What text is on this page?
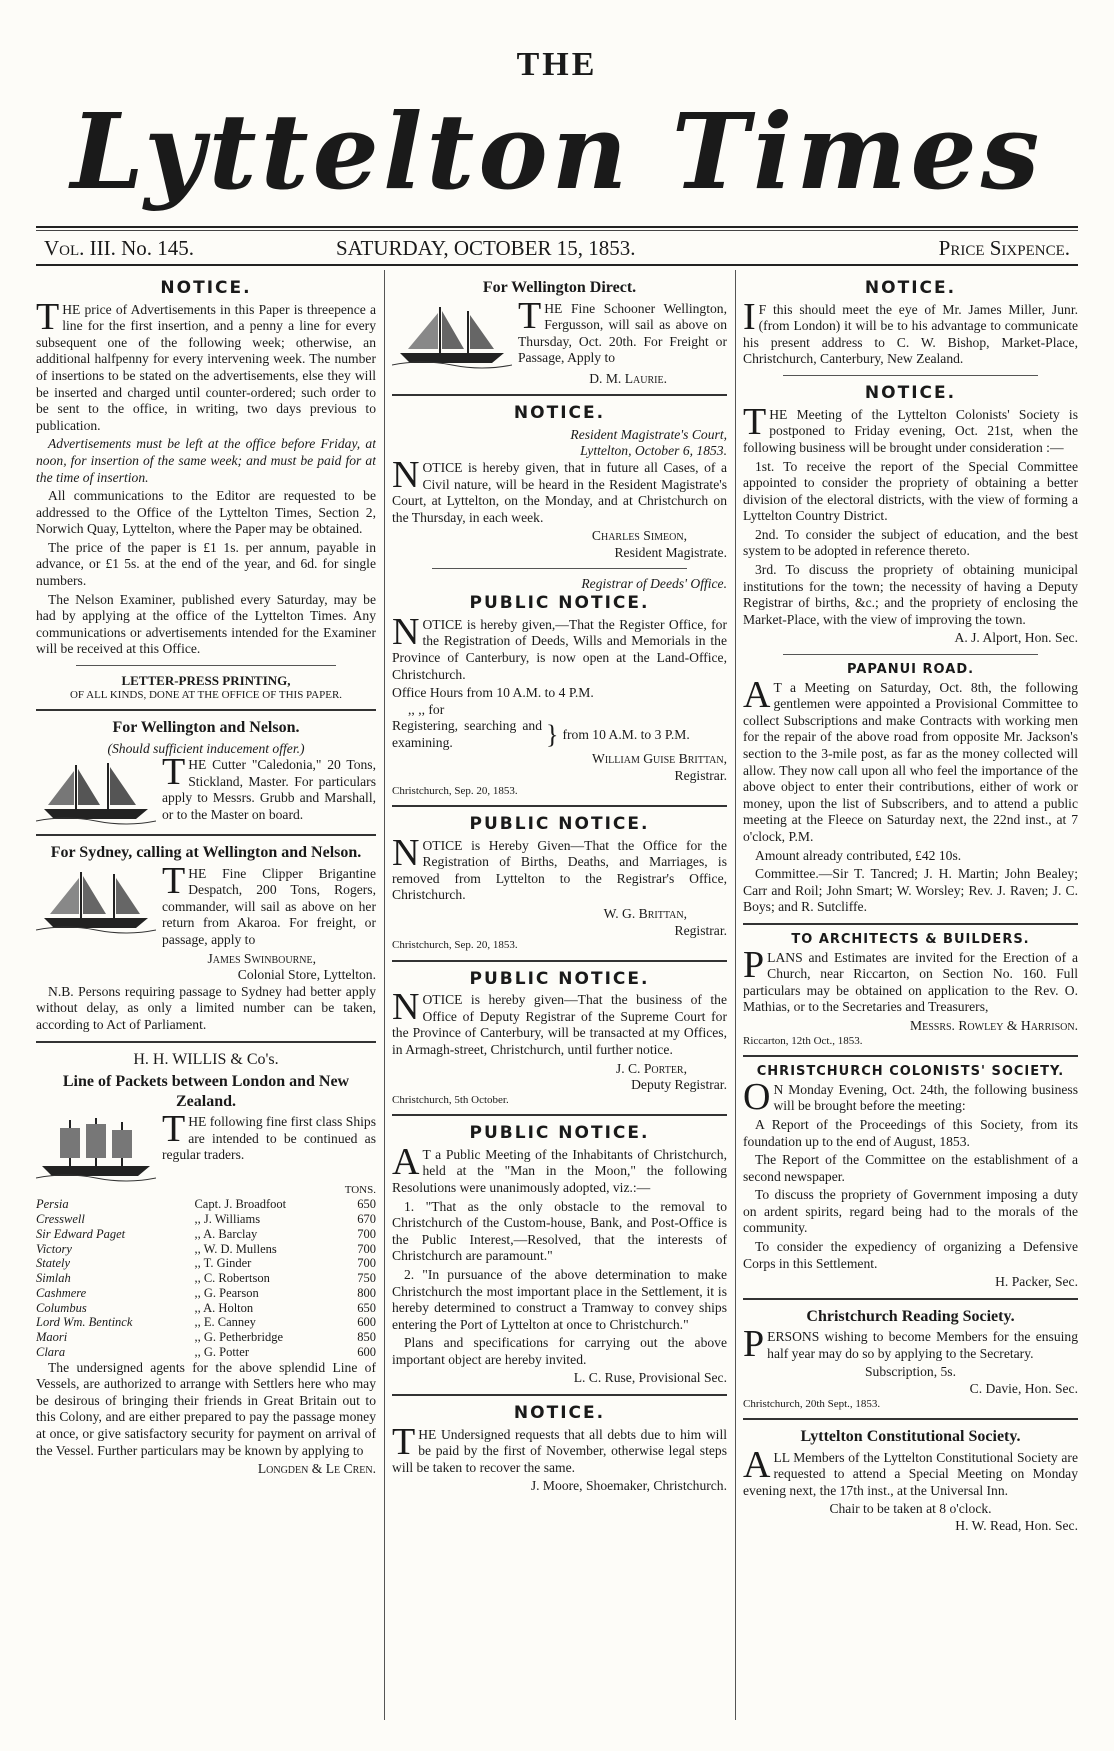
THE
Lyttelton Times
Vol. III. No. 145.	SATURDAY, OCTOBER 15, 1853.	Price Sixpence.
NOTICE.

THE price of Advertisements in this Paper is threepence a line for the first insertion, and a penny a line for every subsequent one of the following week; otherwise, an additional halfpenny for every intervening week. The number of insertions to be stated on the advertisements, else they will be inserted and charged until counter-ordered; such order to be sent to the office, in writing, two days previous to publication.

Advertisements must be left at the office before Friday, at noon, for insertion of the same week; and must be paid for at the time of insertion.

All communications to the Editor are requested to be addressed to the Office of the Lyttelton Times, Section 2, Norwich Quay, Lyttelton, where the Paper may be obtained.

The price of the paper is £1 1s. per annum, payable in advance, or £1 5s. at the end of the year, and 6d. for single numbers.

The Nelson Examiner, published every Saturday, may be had by applying at the office of the Lyttelton Times. Any communications or advertisements intended for the Examiner will be received at this Office.

LETTER-PRESS PRINTING,
OF ALL KINDS, DONE AT THE OFFICE OF THIS PAPER.
For Wellington and Nelson.
(Should sufficient inducement offer.)

THE Cutter "Caledonia," 20 Tons, Stickland, Master. For particulars apply to Messrs. Grubb and Marshall, or to the Master on board.

For Sydney, calling at Wellington and Nelson.

THE Fine Clipper Brigantine Despatch, 200 Tons, Rogers, commander, will sail as above on her return from Akaroa. For freight, or passage, apply to

James Swinbourne,
Colonial Store, Lyttelton.

N.B. Persons requiring passage to Sydney had better apply without delay, as only a limited number can be taken, according to Act of Parliament.

H. H. WILLIS & Co's.
Line of Packets between London and New Zealand.

THE following fine first class Ships are intended to be continued as regular traders.

TONS.
Persia	Capt. J. Broadfoot	650
Cresswell	,, J. Williams	670
Sir Edward Paget	,, A. Barclay	700
Victory	,, W. D. Mullens	700
Stately	,, T. Ginder	700
Simlah	,, C. Robertson	750
Cashmere	,, G. Pearson	800
Columbus	,, A. Holton	650
Lord Wm. Bentinck	,, E. Canney	600
Maori	,, G. Petherbridge	850
Clara	,, G. Potter	600

The undersigned agents for the above splendid Line of Vessels, are authorized to arrange with Settlers here who may be desirous of bringing their friends in Great Britain out to this Colony, and are either prepared to pay the passage money at once, or give satisfactory security for payment on arrival of the Vessel. Further particulars may be known by applying to

Longden & Le Cren.
For Wellington Direct.

THE Fine Schooner Wellington, Fergusson, will sail as above on Thursday, Oct. 20th. For Freight or Passage, Apply to

D. M. Laurie.
NOTICE.
Resident Magistrate's Court,
Lyttelton, October 6, 1853.

NOTICE is hereby given, that in future all Cases, of a Civil nature, will be heard in the Resident Magistrate's Court, at Lyttelton, on the Monday, and at Christchurch on the Thursday, in each week.

Charles Simeon,
Resident Magistrate.
Registrar of Deeds' Office.
PUBLIC NOTICE.

NOTICE is hereby given,—That the Register Office, for the Registration of Deeds, Wills and Memorials in the Province of Canterbury, is now open at the Land-Office, Christchurch.

Office Hours from 10 A.M. to 4 P.M.
,, ,, for
Registering, searching and examining.	} from 10 A.M. to 3 P.M.
William Guise Brittan,
Registrar.
Christchurch, Sep. 20, 1853.
PUBLIC NOTICE.

NOTICE is Hereby Given—That the Office for the Registration of Births, Deaths, and Marriages, is removed from Lyttelton to the Registrar's Office, Christchurch.

W. G. Brittan,
Registrar.
Christchurch, Sep. 20, 1853.
PUBLIC NOTICE.

NOTICE is hereby given—That the business of the Office of Deputy Registrar of the Supreme Court for the Province of Canterbury, will be transacted at my Offices, in Armagh-street, Christchurch, until further notice.

J. C. Porter,
Deputy Registrar.
Christchurch, 5th October.
PUBLIC NOTICE.

AT a Public Meeting of the Inhabitants of Christchurch, held at the "Man in the Moon," the following Resolutions were unanimously adopted, viz.:—

1. "That as the only obstacle to the removal to Christchurch of the Custom-house, Bank, and Post-Office is the Public Interest,—Resolved, that the interests of Christchurch are paramount."

2. "In pursuance of the above determination to make Christchurch the most important place in the Settlement, it is hereby determined to construct a Tramway to convey ships entering the Port of Lyttelton at once to Christchurch."

Plans and specifications for carrying out the above important object are hereby invited.

L. C. Ruse, Provisional Sec.
NOTICE.

THE Undersigned requests that all debts due to him will be paid by the first of November, otherwise legal steps will be taken to recover the same.

J. Moore, Shoemaker, Christchurch.
NOTICE.

IF this should meet the eye of Mr. James Miller, Junr. (from London) it will be to his advantage to communicate his present address to C. W. Bishop, Market-Place, Christchurch, Canterbury, New Zealand.

NOTICE.

THE Meeting of the Lyttelton Colonists' Society is postponed to Friday evening, Oct. 21st, when the following business will be brought under consideration :—

1st. To receive the report of the Special Committee appointed to consider the propriety of obtaining a better division of the electoral districts, with the view of forming a Lyttelton Country District.

2nd. To consider the subject of education, and the best system to be adopted in reference thereto.

3rd. To discuss the propriety of obtaining municipal institutions for the town; the necessity of having a Deputy Registrar of births, &c.; and the propriety of enclosing the Market-Place, with the view of improving the town.

A. J. Alport, Hon. Sec.
PAPANUI ROAD.

AT a Meeting on Saturday, Oct. 8th, the following gentlemen were appointed a Provisional Committee to collect Subscriptions and make Contracts with working men for the repair of the above road from opposite Mr. Jackson's section to the 3-mile post, as far as the money collected will allow. They now call upon all who feel the importance of the above object to enter their contributions, either of work or money, upon the list of Subscribers, and to attend a public meeting at the Fleece on Saturday next, the 22nd inst., at 7 o'clock, P.M.

Amount already contributed, £42 10s.

Committee.—Sir T. Tancred; J. H. Martin; John Bealey; Carr and Roil; John Smart; W. Worsley; Rev. J. Raven; J. C. Boys; and R. Sutcliffe.

TO ARCHITECTS & BUILDERS.

PLANS and Estimates are invited for the Erection of a Church, near Riccarton, on Section No. 160. Full particulars may be obtained on application to the Rev. O. Mathias, or to the Secretaries and Treasurers,

Messrs. Rowley & Harrison.
Riccarton, 12th Oct., 1853.
CHRISTCHURCH COLONISTS' SOCIETY.

ON Monday Evening, Oct. 24th, the following business will be brought before the meeting:

A Report of the Proceedings of this Society, from its foundation up to the end of August, 1853.

The Report of the Committee on the establishment of a second newspaper.

To discuss the propriety of Government imposing a duty on ardent spirits, regard being had to the morals of the community.

To consider the expediency of organizing a Defensive Corps in this Settlement.

H. Packer, Sec.
Christchurch Reading Society.

PERSONS wishing to become Members for the ensuing half year may do so by applying to the Secretary.

Subscription, 5s.
C. Davie, Hon. Sec.
Christchurch, 20th Sept., 1853.
Lyttelton Constitutional Society.

ALL Members of the Lyttelton Constitutional Society are requested to attend a Special Meeting on Monday evening next, the 17th inst., at the Universal Inn.

Chair to be taken at 8 o'clock.
H. W. Read, Hon. Sec.
